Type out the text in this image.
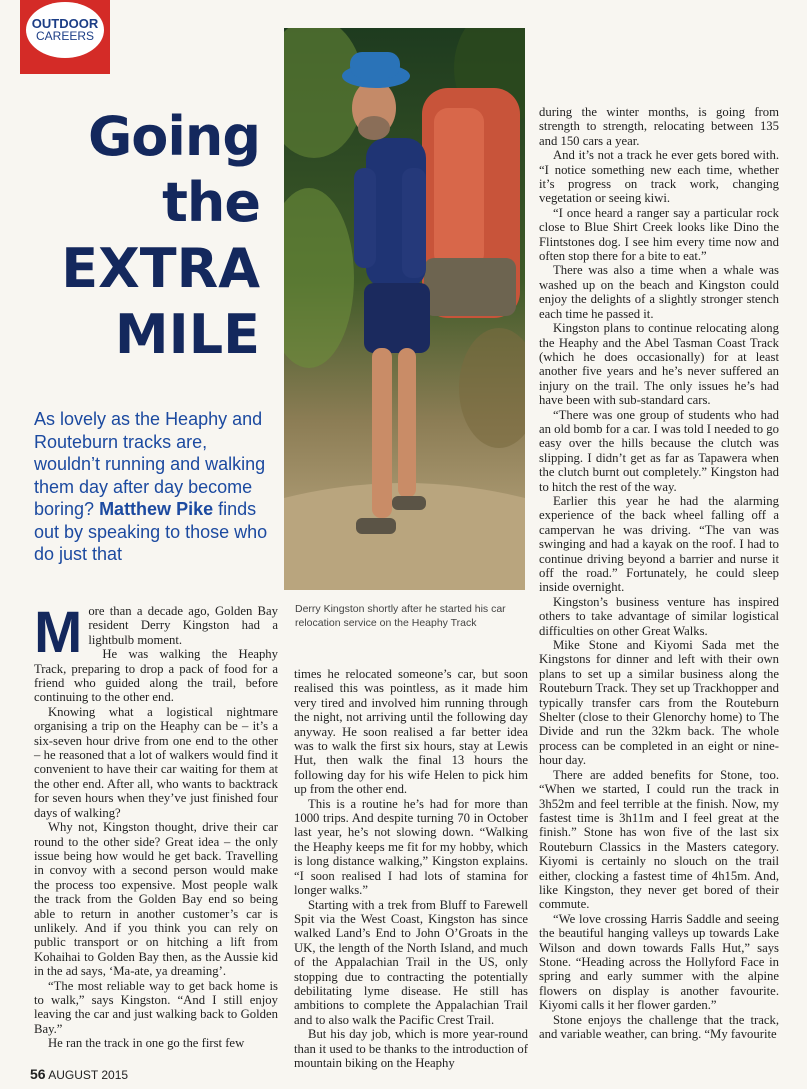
OUTDOOR
CAREERS
Going
the
EXTRA
MILE
As lovely as the Heaphy and Routeburn tracks are, wouldn’t running and walking them day after day become boring? Matthew Pike finds out by speaking to those who do just that
Derry Kingston shortly after he started his car relocation service on the Heaphy Track

More than a decade ago, Golden Bay resident Derry Kingston had a lightbulb moment.

He was walking the Heaphy Track, preparing to drop a pack of food for a friend who guided along the trail, before continuing to the other end.

Knowing what a logistical nightmare organising a trip on the Heaphy can be – it’s a six-seven hour drive from one end to the other – he reasoned that a lot of walkers would find it convenient to have their car waiting for them at the other end. After all, who wants to backtrack for seven hours when they’ve just finished four days of walking?

Why not, Kingston thought, drive their car round to the other side? Great idea – the only issue being how would he get back. Travelling in convoy with a second person would make the process too expensive. Most people walk the track from the Golden Bay end so being able to return in another customer’s car is unlikely. And if you think you can rely on public transport or on hitching a lift from Kohaihai to Golden Bay then, as the Aussie kid in the ad says, ‘Ma-ate, ya dreaming’.

“The most reliable way to get back home is to walk,” says Kingston. “And I still enjoy leaving the car and just walking back to Golden Bay.”

He ran the track in one go the first few

times he relocated someone’s car, but soon realised this was pointless, as it made him very tired and involved him running through the night, not arriving until the following day anyway. He soon realised a far better idea was to walk the first six hours, stay at Lewis Hut, then walk the final 13 hours the following day for his wife Helen to pick him up from the other end.

This is a routine he’s had for more than 1000 trips. And despite turning 70 in October last year, he’s not slowing down. “Walking the Heaphy keeps me fit for my hobby, which is long distance walking,” Kingston explains. “I soon realised I had lots of stamina for longer walks.”

Starting with a trek from Bluff to Farewell Spit via the West Coast, Kingston has since walked Land’s End to John O’Groats in the UK, the length of the North Island, and much of the Appalachian Trail in the US, only stopping due to contracting the potentially debilitating lyme disease. He still has ambitions to complete the Appalachian Trail and to also walk the Pacific Crest Trail.

But his day job, which is more year-round than it used to be thanks to the introduction of mountain biking on the Heaphy

during the winter months, is going from strength to strength, relocating between 135 and 150 cars a year.

And it’s not a track he ever gets bored with. “I notice something new each time, whether it’s progress on track work, changing vegetation or seeing kiwi.

“I once heard a ranger say a particular rock close to Blue Shirt Creek looks like Dino the Flintstones dog. I see him every time now and often stop there for a bite to eat.”

There was also a time when a whale was washed up on the beach and Kingston could enjoy the delights of a slightly stronger stench each time he passed it.

Kingston plans to continue relocating along the Heaphy and the Abel Tasman Coast Track (which he does occasionally) for at least another five years and he’s never suffered an injury on the trail. The only issues he’s had have been with sub-standard cars.

“There was one group of students who had an old bomb for a car. I was told I needed to go easy over the hills because the clutch was slipping. I didn’t get as far as Tapawera when the clutch burnt out completely.” Kingston had to hitch the rest of the way.

Earlier this year he had the alarming experience of the back wheel falling off a campervan he was driving. “The van was swinging and had a kayak on the roof. I had to continue driving beyond a barrier and nurse it off the road.” Fortunately, he could sleep inside overnight.

Kingston’s business venture has inspired others to take advantage of similar logistical difficulties on other Great Walks.

Mike Stone and Kiyomi Sada met the Kingstons for dinner and left with their own plans to set up a similar business along the Routeburn Track. They set up Trackhopper and typically transfer cars from the Routeburn Shelter (close to their Glenorchy home) to The Divide and run the 32km back. The whole process can be completed in an eight or nine-hour day.

There are added benefits for Stone, too. “When we started, I could run the track in 3h52m and feel terrible at the finish. Now, my fastest time is 3h11m and I feel great at the finish.” Stone has won five of the last six Routeburn Classics in the Masters category. Kiyomi is certainly no slouch on the trail either, clocking a fastest time of 4h15m. And, like Kingston, they never get bored of their commute.

“We love crossing Harris Saddle and seeing the beautiful hanging valleys up towards Lake Wilson and down towards Falls Hut,” says Stone. “Heading across the Hollyford Face in spring and early summer with the alpine flowers on display is another favourite. Kiyomi calls it her flower garden.”

Stone enjoys the challenge that the track, and variable weather, can bring. “My favourite

56 AUGUST 2015
